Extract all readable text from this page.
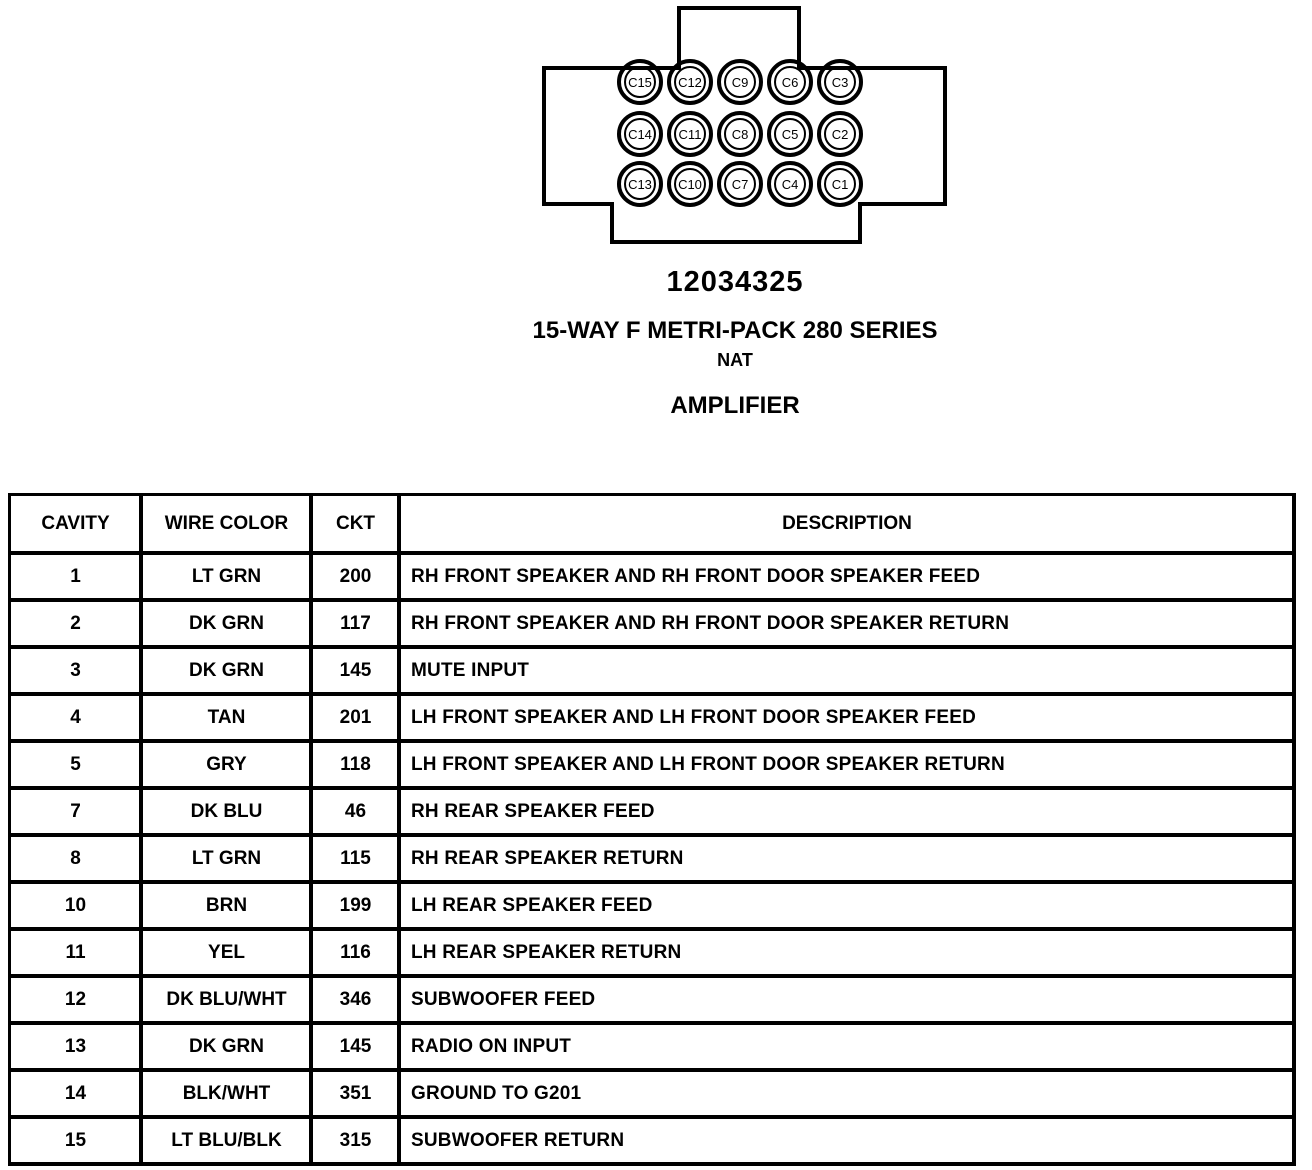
C15 C12 C9	C6	C3
C14 C11 C8	C5	C2
C13 C10 C7	C4	C1
12034325
15-WAY F METRI-PACK 280 SERIES
NAT
AMPLIFIER
CAVITY	WIRE COLOR	CKT	DESCRIPTION
1	LT GRN	200	RH FRONT SPEAKER AND RH FRONT DOOR SPEAKER FEED
2	DK GRN	117	RH FRONT SPEAKER AND RH FRONT DOOR SPEAKER RETURN
3	DK GRN	145	MUTE INPUT
4	TAN	201	LH FRONT SPEAKER AND LH FRONT DOOR SPEAKER FEED
5	GRY	118	LH FRONT SPEAKER AND LH FRONT DOOR SPEAKER RETURN
7	DK BLU	46	RH REAR SPEAKER FEED
8	LT GRN	115	RH REAR SPEAKER RETURN
10	BRN	199	LH REAR SPEAKER FEED
11	YEL	116	LH REAR SPEAKER RETURN
12	DK BLU/WHT	346	SUBWOOFER FEED
13	DK GRN	145	RADIO ON INPUT
14	BLK/WHT	351	GROUND TO G201
15	LT BLU/BLK	315	SUBWOOFER RETURN
